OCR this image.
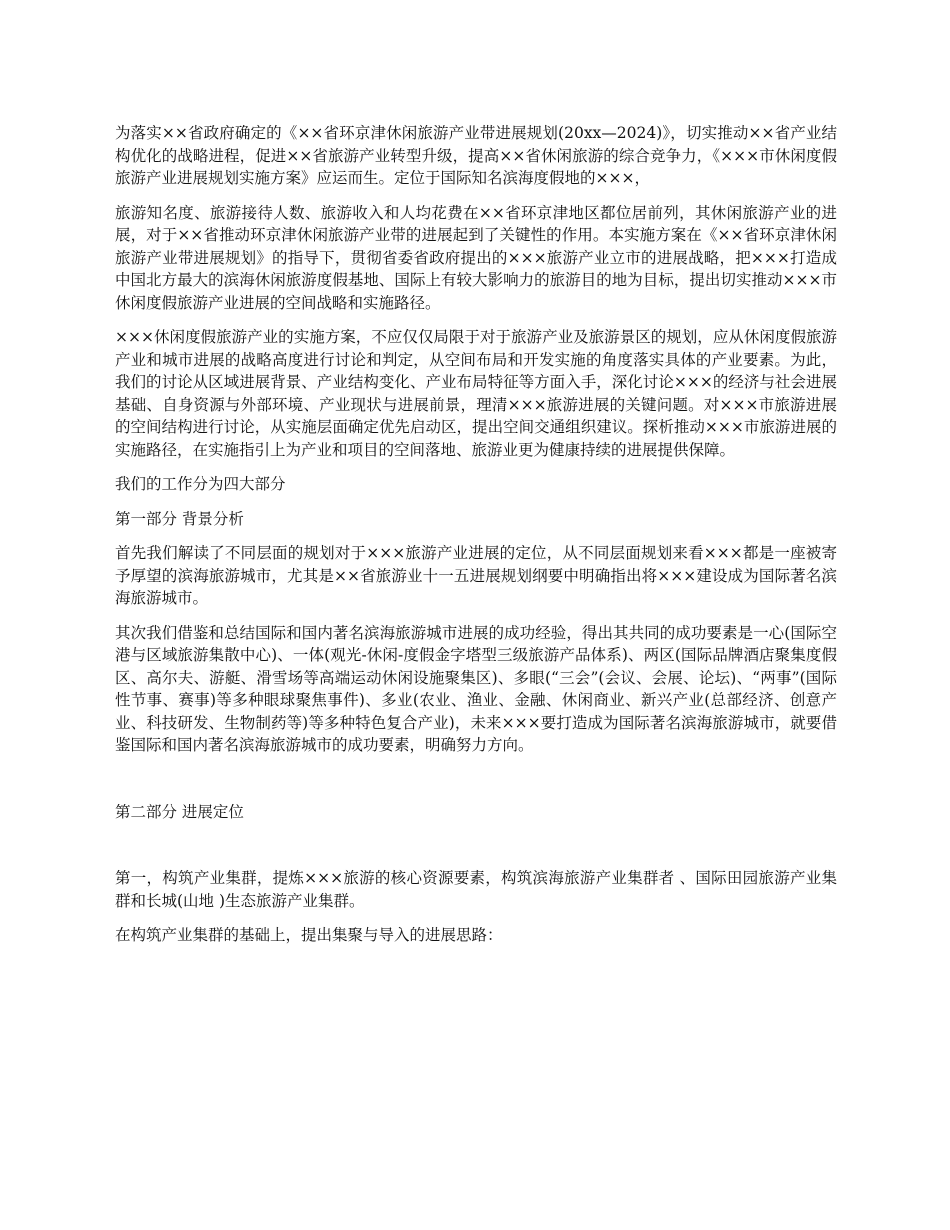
为落实××省政府确定的《××省环京津休闲旅游产业带进展规划(20xx—2024)》，切实推动××省产业结构优化的战略进程，促进××省旅游产业转型升级，提高××省休闲旅游的综合竞争力，《×××市休闲度假旅游产业进展规划实施方案》应运而生。定位于国际知名滨海度假地的×××，

旅游知名度、旅游接待人数、旅游收入和人均花费在××省环京津地区都位居前列，其休闲旅游产业的进展，对于××省推动环京津休闲旅游产业带的进展起到了关键性的作用。本实施方案在《××省环京津休闲旅游产业带进展规划》的指导下，贯彻省委省政府提出的×××旅游产业立市的进展战略，把×××打造成中国北方最大的滨海休闲旅游度假基地、国际上有较大影响力的旅游目的地为目标，提出切实推动×××市休闲度假旅游产业进展的空间战略和实施路径。

×××休闲度假旅游产业的实施方案，不应仅仅局限于对于旅游产业及旅游景区的规划，应从休闲度假旅游产业和城市进展的战略高度进行讨论和判定，从空间布局和开发实施的角度落实具体的产业要素。为此，我们的讨论从区域进展背景、产业结构变化、产业布局特征等方面入手，深化讨论×××的经济与社会进展基础、自身资源与外部环境、产业现状与进展前景，理清×××旅游进展的关键问题。对×××市旅游进展的空间结构进行讨论，从实施层面确定优先启动区，提出空间交通组织建议。探析推动×××市旅游进展的实施路径，在实施指引上为产业和项目的空间落地、旅游业更为健康持续的进展提供保障。

我们的工作分为四大部分

第一部分 背景分析

首先我们解读了不同层面的规划对于×××旅游产业进展的定位，从不同层面规划来看×××都是一座被寄予厚望的滨海旅游城市，尤其是××省旅游业十一五进展规划纲要中明确指出将×××建设成为国际著名滨海旅游城市。

其次我们借鉴和总结国际和国内著名滨海旅游城市进展的成功经验，得出其共同的成功要素是一心(国际空港与区域旅游集散中心)、一体(观光-休闲-度假金字塔型三级旅游产品体系)、两区(国际品牌酒店聚集度假区、高尔夫、游艇、滑雪场等高端运动休闲设施聚集区)、多眼(“三会”(会议、会展、论坛)、“两事”(国际性节事、赛事)等多种眼球聚焦事件)、多业(农业、渔业、金融、休闲商业、新兴产业(总部经济、创意产业、科技研发、生物制药等)等多种特色复合产业)，未来×××要打造成为国际著名滨海旅游城市，就要借鉴国际和国内著名滨海旅游城市的成功要素，明确努力方向。

第二部分 进展定位

第一，构筑产业集群，提炼×××旅游的核心资源要素，构筑滨海旅游产业集群者 、国际田园旅游产业集群和长城(山地 )生态旅游产业集群。

在构筑产业集群的基础上，提出集聚与导入的进展思路：
